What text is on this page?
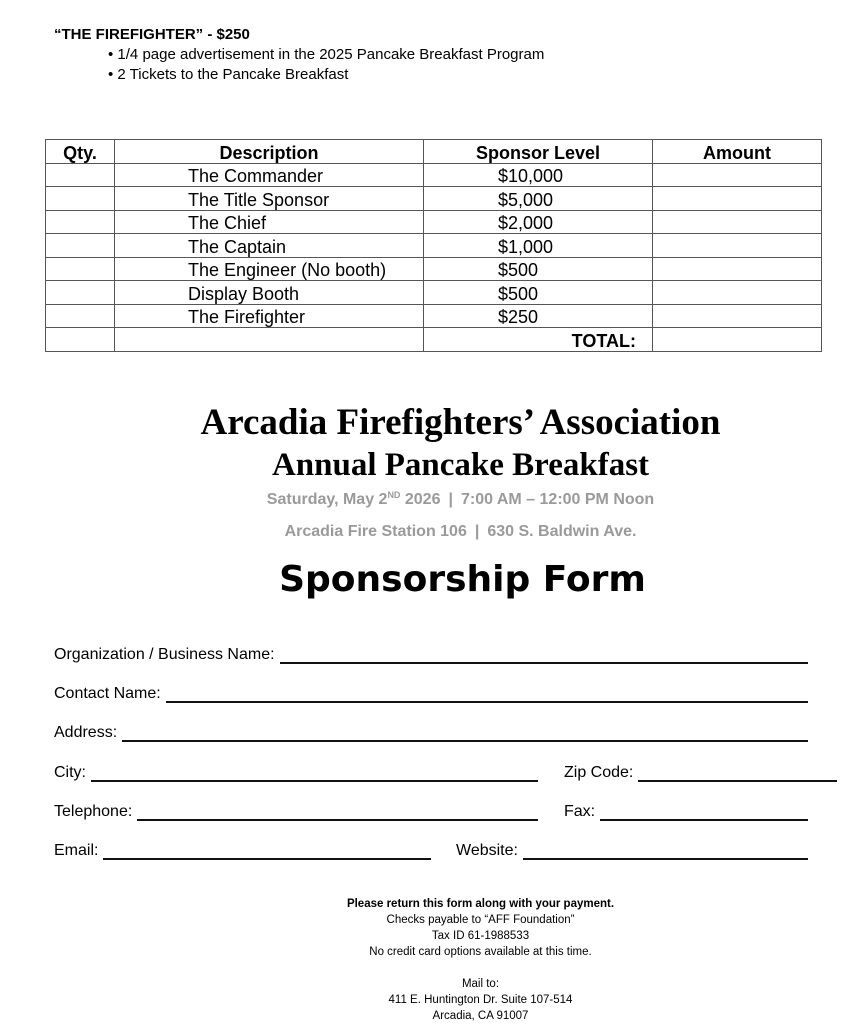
“THE FIREFIGHTER” - $250
• 1/4 page advertisement in the 2025 Pancake Breakfast Program
• 2 Tickets to the Pancake Breakfast
Qty.	Description	Sponsor Level	Amount
	The Commander	$10,000	
	The Title Sponsor	$5,000	
	The Chief	$2,000	
	The Captain	$1,000	
	The Engineer (No booth)	$500	
	Display Booth	$500	
	The Firefighter	$250	
		TOTAL:	
Arcadia Firefighters’ Association
Annual Pancake Breakfast
Saturday, May 2ND 2026 | 7:00 AM – 12:00 PM Noon
Arcadia Fire Station 106 | 630 S. Baldwin Ave.
Sponsorship Form
Organization / Business Name:
Contact Name:
Address:
City:	Zip Code:
Telephone:	Fax:
Email:	Website:
Please return this form along with your payment.
Checks payable to “AFF Foundation”
Tax ID 61-1988533
No credit card options available at this time.
Mail to:
411 E. Huntington Dr. Suite 107-514
Arcadia, CA 91007
